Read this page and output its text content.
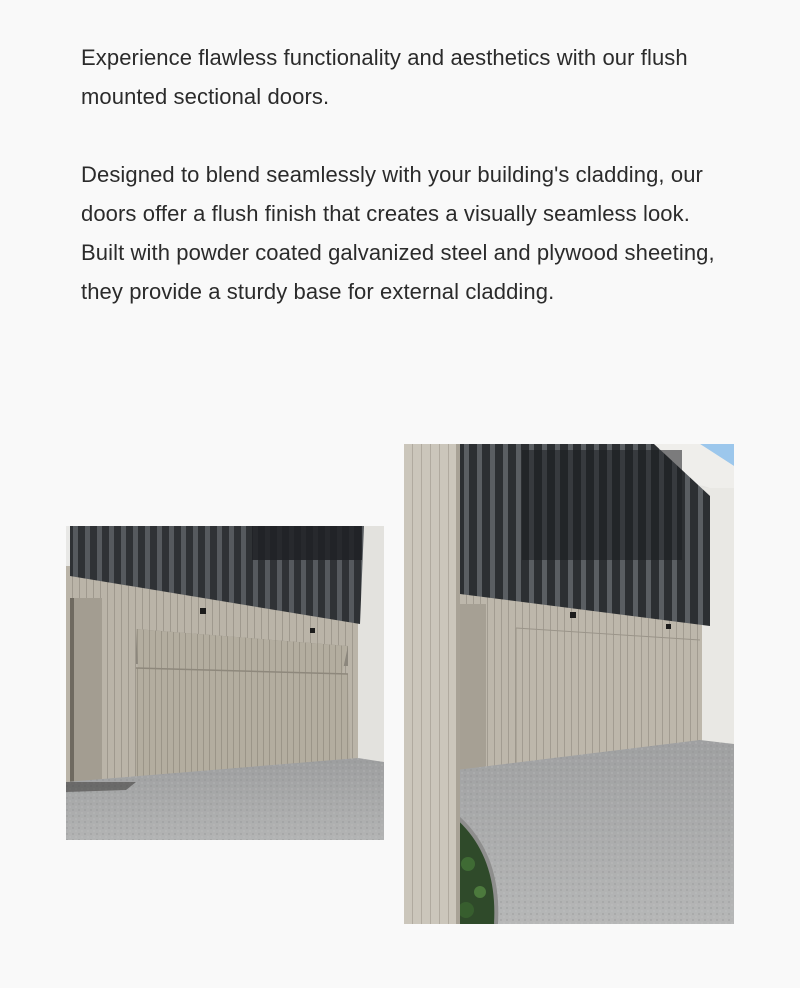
Experience flawless functionality and aesthetics with our flush mounted sectional doors.

Designed to blend seamlessly with your building's cladding, our doors offer a flush finish that creates a visually seamless look. Built with powder coated galvanized steel and plywood sheeting, they provide a sturdy base for external cladding.
